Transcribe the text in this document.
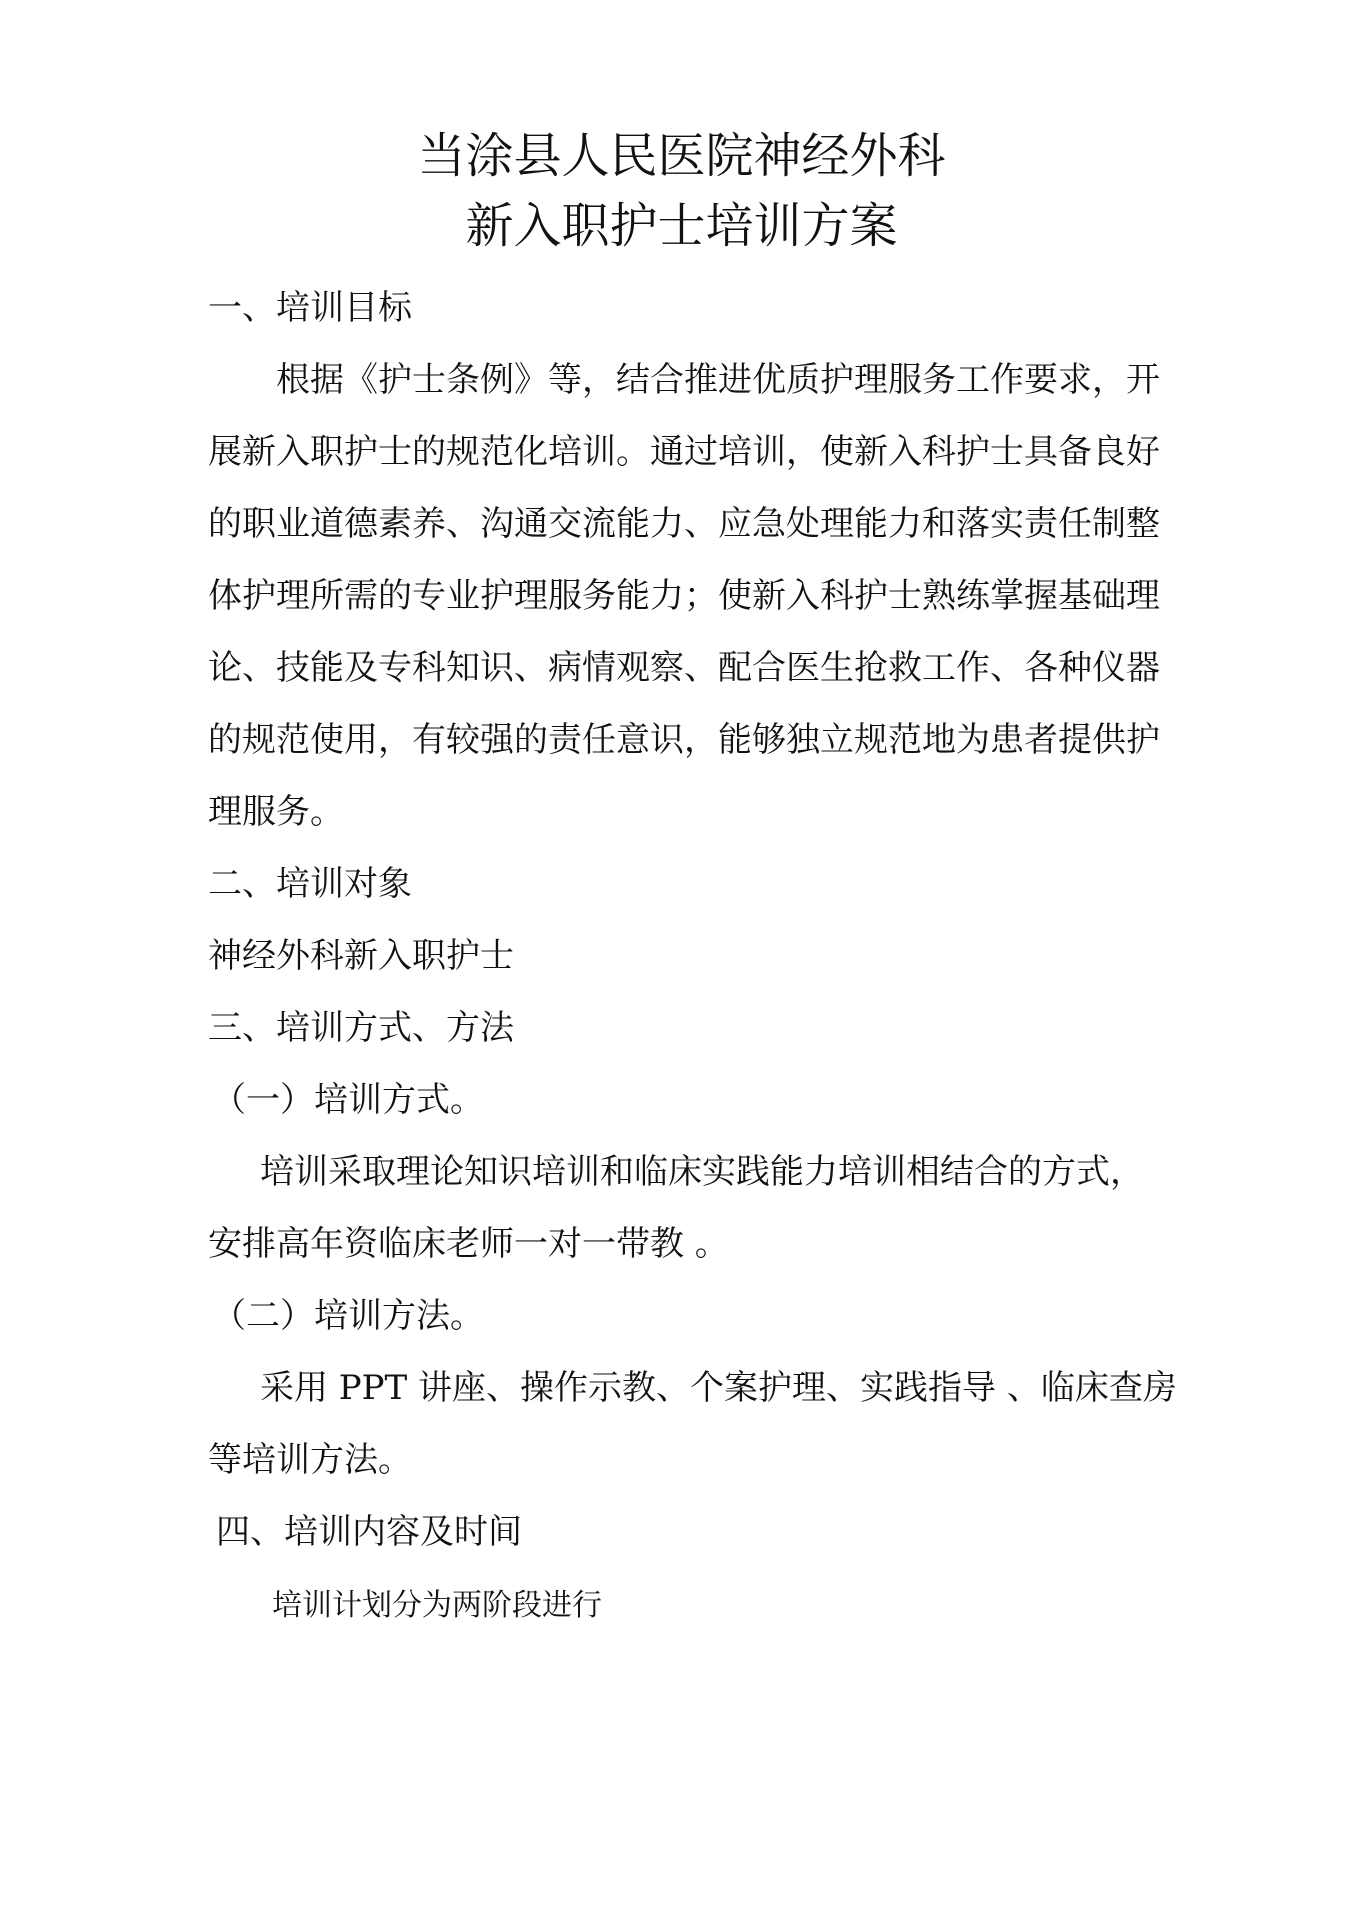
当涂县人民医院神经外科
新入职护士培训方案
一、培训目标
根据《护士条例》等，结合推进优质护理服务工作要求，开
展新入职护士的规范化培训。通过培训，使新入科护士具备良好
的职业道德素养、沟通交流能力、应急处理能力和落实责任制整
体护理所需的专业护理服务能力；使新入科护士熟练掌握基础理
论、技能及专科知识、病情观察、配合医生抢救工作、各种仪器
的规范使用，有较强的责任意识，能够独立规范地为患者提供护
理服务。
二、培训对象
神经外科新入职护士
三、培训方式、方法
（一）培训方式。
培训采取理论知识培训和临床实践能力培训相结合的方式，
安排高年资临床老师一对一带教 。
（二）培训方法。
采用 PPT 讲座、操作示教、个案护理、实践指导 、临床查房
等培训方法。
四、培训内容及时间
培训计划分为两阶段进行
